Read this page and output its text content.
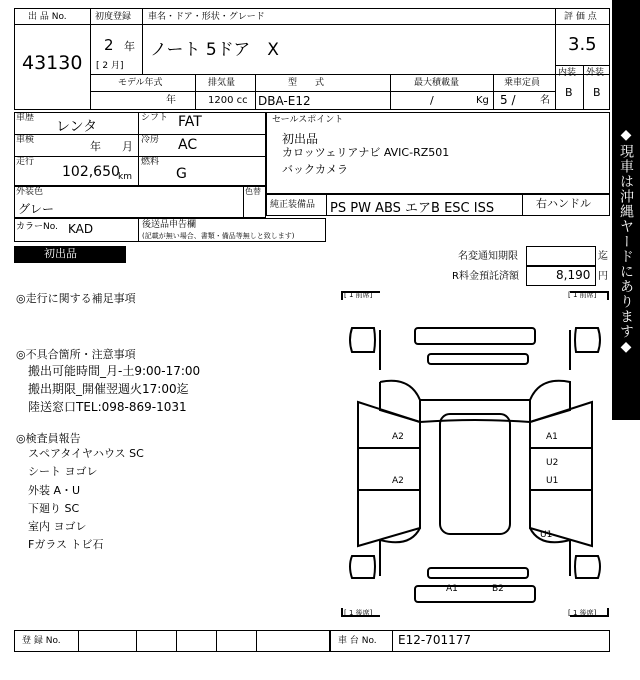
出 品 No.
43130
初度登録
2 年
[ 2 月]
車名・ドア・形状・グレード
ノート 5ドア　X
評 価 点
3.5
内装 外装
B B
モデル年式
年
排気量
1200 cc
型　　式
DBA-E12
最大積載量
/	Kg
乗車定員
5 / 名
車歴
レンタ
シフト FAT
車検	年 月 冷房 AC
走行
102,650
km
燃料
G
外装色
グレー
色替
カラーNo. KAD	後送品申告欄
(記載が無い場合、書類・備品等無しと致します)
セールスポイント
初出品
カロッツェリアナビ AVIC-RZ501
バックカメラ
純正装備品 PS PW ABS エアB ESC ISS	右ハンドル
初出品	名変通知期限	迄
R料金預託済額	8,190 円
◎走行に関する補足事項
◎不具合箇所・注意事項
搬出可能時間_月-土9:00-17:00
搬出期限_開催翌週火17:00迄
陸送窓口TEL:098-869-1031
◎検査員報告
スペアタイヤハウス SC
シート ヨゴレ
外装 A・U
下廻り SC
室内 ヨゴレ
Fガラス トビ石
[ 1 前席]	[ 1 前席]
[ 1 後席]	[ 1 後席]
A2	A1
U2
A2	U1
U1
A1	B2
登 録 No.	車 台 No. E12-701177
◆現車は沖縄ヤードにあります◆
